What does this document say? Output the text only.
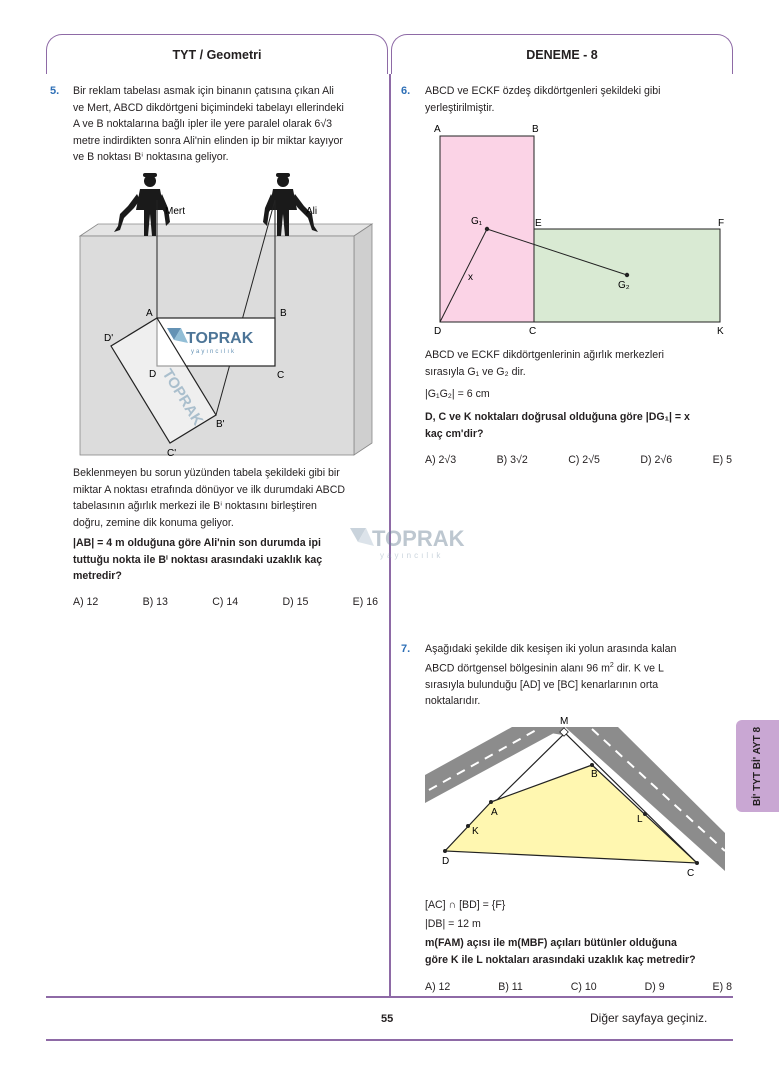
TYT / Geometri	DENEME - 8
5. Bir reklam tabelası asmak için binanın çatısına çıkan Ali
ve Mert, ABCD dikdörtgeni biçimindeki tabelayı ellerindeki
A ve B noktalarına bağlı ipler ile yere paralel olarak 6√3
metre indirdikten sonra Ali'nin elinden ip bir miktar kayıyor
ve B noktası Bⁱ noktasına geliyor.
Mert	Ali
TOPRAK
yayıncılık
TOPRAK
A	B
D	C
D'
B'
C'
Beklenmeyen bu sorun yüzünden tabela şekildeki gibi bir
miktar A noktası etrafında dönüyor ve ilk durumdaki ABCD
tabelasının ağırlık merkezi ile Bⁱ noktasını birleştiren
doğru, zemine dik konuma geliyor.
|AB| = 4 m olduğuna göre Ali'nin son durumda ipi
tuttuğu nokta ile Bⁱ noktası arasındaki uzaklık kaç
metredir?
TOPRAK
yayıncılık
A) 12	B) 13	C) 14	D) 15	E) 16
6. ABCD ve ECKF özdeş dikdörtgenleri şekildeki gibi
yerleştirilmiştir.
A	B
E	F
G₁
G₂
x
D	C	K
ABCD ve ECKF dikdörtgenlerinin ağırlık merkezleri
sırasıyla G₁ ve G₂ dir.
|G₁G₂| = 6 cm
D, C ve K noktaları doğrusal olduğuna göre |DG₁| = x
kaç cm'dir?
A) 2√3	B) 3√2	C) 2√5	D) 2√6	E) 5
7. Aşağıdaki şekilde dik kesişen iki yolun arasında kalan
ABCD dörtgensel bölgesinin alanı 96 $m^2$ dir. K ve L
sırasıyla bulunduğu [AD] ve [BC] kenarlarının orta
noktalarıdır.
M
A
B
K
L
D
C
[AC] ∩ [BD] = {F}
|DB| = 12 m
m(FAM) açısı ile m(MBF) açıları bütünler olduğuna
göre K ile L noktaları arasındaki uzaklık kaç metredir?
A) 12	B) 11	C) 10	D) 9	E) 8
Bİ' TYT Bİ' AYT 8
55	Diğer sayfaya geçiniz.
